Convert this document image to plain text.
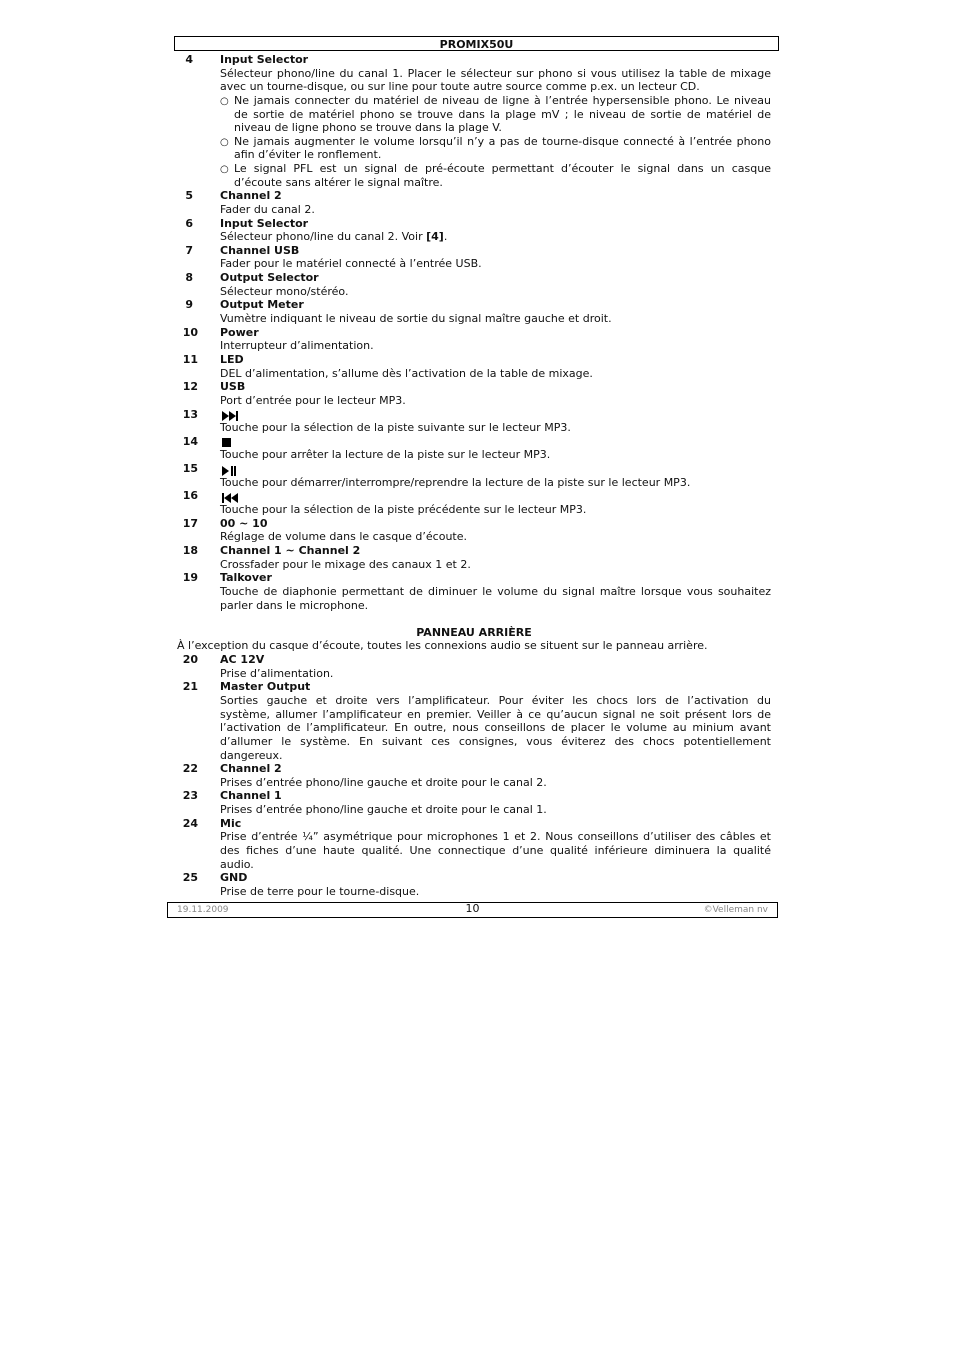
PROMIX50U
4 Input Selector
Sélecteur phono/line du canal 1. Placer le sélecteur sur phono si vous utilisez la table de mixage
avec un tourne-disque, ou sur line pour toute autre source comme p.ex. un lecteur CD.
○ Ne jamais connecter du matériel de niveau de ligne à l’entrée hypersensible phono. Le niveau
de sortie de matériel phono se trouve dans la plage mV ; le niveau de sortie de matériel de
niveau de ligne phono se trouve dans la plage V.
○ Ne jamais augmenter le volume lorsqu’il n’y a pas de tourne-disque connecté à l’entrée phono
afin d’éviter le ronflement.
○ Le signal PFL est un signal de pré-écoute permettant d’écouter le signal dans un casque
d’écoute sans altérer le signal maître.
5 Channel 2
Fader du canal 2.
6 Input Selector
Sélecteur phono/line du canal 2. Voir [4].
7 Channel USB
Fader pour le matériel connecté à l’entrée USB.
8 Output Selector
Sélecteur mono/stéréo.
9 Output Meter
Vumètre indiquant le niveau de sortie du signal maître gauche et droit.
10 Power
Interrupteur d’alimentation.
11 LED
DEL d’alimentation, s’allume dès l’activation de la table de mixage.
12 USB
Port d’entrée pour le lecteur MP3.
13
Touche pour la sélection de la piste suivante sur le lecteur MP3.
14
Touche pour arrêter la lecture de la piste sur le lecteur MP3.
15
Touche pour démarrer/interrompre/reprendre la lecture de la piste sur le lecteur MP3.
16
Touche pour la sélection de la piste précédente sur le lecteur MP3.
17 00 ~ 10
Réglage de volume dans le casque d’écoute.
18 Channel 1 ~ Channel 2
Crossfader pour le mixage des canaux 1 et 2.
19 Talkover
Touche de diaphonie permettant de diminuer le volume du signal maître lorsque vous souhaitez
parler dans le microphone.
PANNEAU ARRIÈRE
À l’exception du casque d’écoute, toutes les connexions audio se situent sur le panneau arrière.
20 AC 12V
Prise d’alimentation.
21 Master Output
Sorties gauche et droite vers l’amplificateur. Pour éviter les chocs lors de l’activation du
système, allumer l’amplificateur en premier. Veiller à ce qu’aucun signal ne soit présent lors de
l’activation de l’amplificateur. En outre, nous conseillons de placer le volume au minium avant
d’allumer le système. En suivant ces consignes, vous éviterez des chocs potentiellement
dangereux.
22 Channel 2
Prises d’entrée phono/line gauche et droite pour le canal 2.
23 Channel 1
Prises d’entrée phono/line gauche et droite pour le canal 1.
24 Mic
Prise d’entrée ¼” asymétrique pour microphones 1 et 2. Nous conseillons d’utiliser des câbles et
des fiches d’une haute qualité. Une connectique d’une qualité inférieure diminuera la qualité
audio.
25 GND
Prise de terre pour le tourne-disque.
19.11.2009	10	©Velleman nv
